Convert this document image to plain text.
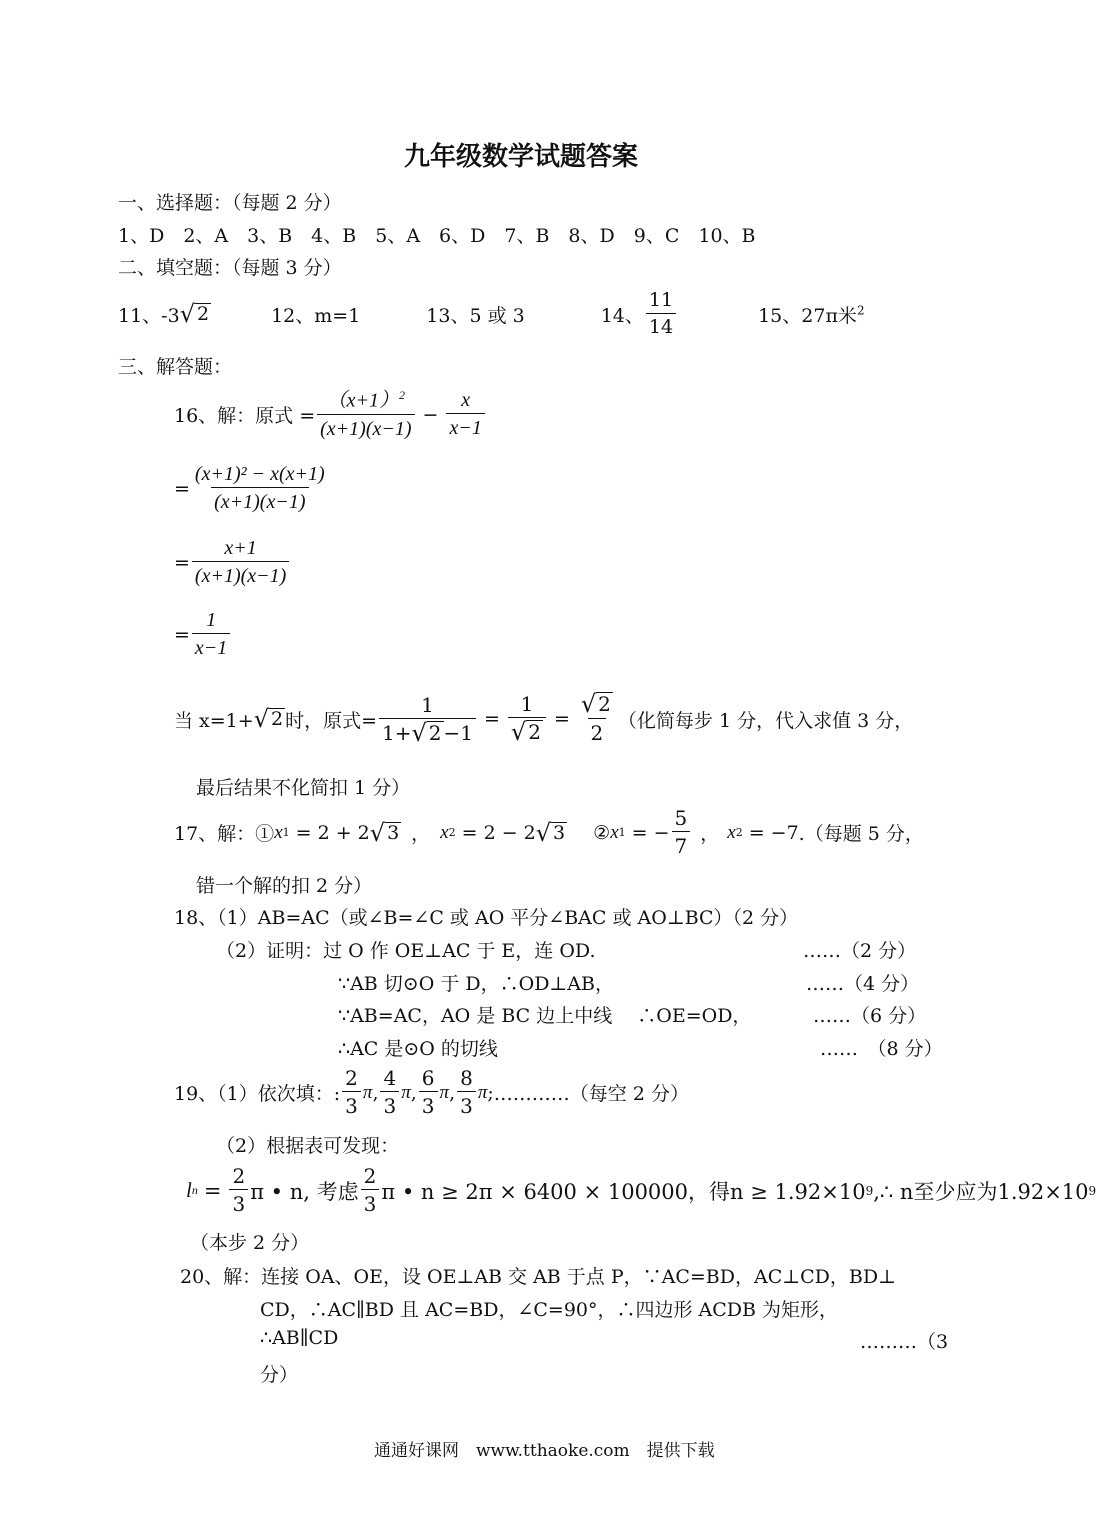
九年级数学试题答案
一、选择题：（每题 2 分）
1、D　2、A　3、B　4、B　5、A　6、D　7、B　8、D　9、C　10、B
二、填空题：（每题 3 分）
11、-3 √ 2	12、m=1	13、5 或 3	14、 $\frac{11}{14}$	15、27π米$^2$
三、解答题：
16、解：原式 = $\frac{(x+1)^2}{(x+1)(x-1)} - \frac{x}{x-1}$
= $\frac{\text{(x+1)² − x(x+1)}}{(x+1)(x-1)}$
= $\frac{x+1}{(x+1)(x-1)}$
= $\frac{1}{x-1}$
当 x=1+ √ 2 时，原式= $\frac{1}{1+ √ 2 -1} = \frac{1}{√ 2} = \frac{√ 2}{2}$ （化简每步 1 分，代入求值 3 分，
最后结果不化简扣 1 分）
17、解：① x 1 = 2 + 2 √ 3 ， x 2 = 2 − 2 √ 3 ② x 1 = − $\frac{5}{7}$ ， x 2 = −7 .（每题 5 分，
错一个解的扣 2 分）
18、（1）AB=AC（或∠B=∠C 或 AO 平分∠BAC 或 AO⊥BC）（2 分）
（2）证明：过 O 作 OE⊥AC 于 E，连 OD.	……（2 分）
∵AB 切⊙O 于 D，∴OD⊥AB，	……（4 分）
∵AB=AC，AO 是 BC 边上中线　 ∴OE=OD，	……（6 分）
∴AC 是⊙O 的切线	……　（8 分）
19、（1）依次填：: $\frac{2}{3}$ π , $\frac{4}{3}$ π , $\frac{6}{3}$ π , $\frac{8}{3}$ π ; …………（每空 2 分）
（2）根据表可发现：
l $n = \frac{2}{3}$ π • n, 考虑 $\frac{2}{3}$ π • n ≥ 2π × 6400 × 100000，得n ≥ 1.92×10 9 ,∴ n至少应为1.92×10 9
（本步 2 分）
20、解：连接 OA、OE，设 OE⊥AB 交 AB 于点 P，∵AC=BD，AC⊥CD，BD⊥
CD，∴AC∥BD 且 AC=BD，∠C=90°，∴四边形 ACDB 为矩形，
∴AB∥CD	………（3
分）
通通好课网　www.tthaoke.com　提供下载
